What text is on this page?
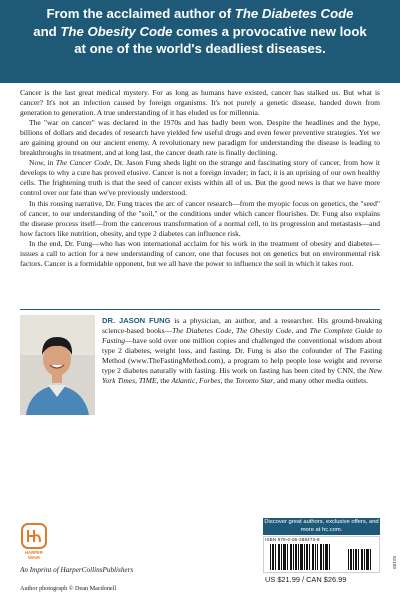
From the acclaimed author of The Diabetes Code
and The Obesity Code comes a provocative new look
at one of the world's deadliest diseases.

Cancer is the last great medical mystery. For as long as humans have existed, cancer has stalked us. But what is cancer? It's not an infection caused by foreign organisms. It's not purely a genetic disease, handed down from generation to generation. A true understanding of it has eluded us for millennia.

The "war on cancer" was declared in the 1970s and has badly been won. Despite the headlines and the hype, billions of dollars and decades of research have yielded few useful drugs and even fewer preventive strategies. Yet we are gaining ground on our ancient enemy. A revolutionary new paradigm for understanding the disease is leading to breakthroughs in treatment, and at long last, the cancer death rate is finally declining.

Now, in The Cancer Code, Dr. Jason Fung sheds light on the strange and fascinating story of cancer, from how it develops to why a cure has proved elusive. Cancer is not a foreign invader; in fact, it is an uprising of our own healthy cells. The frightening truth is that the seed of cancer exists within all of us. But the good news is that we have more control over our fate than we've previously understood.

In this rousing narrative, Dr. Fung traces the arc of cancer research—from the myopic focus on genetics, the "seed" of cancer, to our understanding of the "soil," or the conditions under which cancer flourishes. Dr. Fung also explains the disease process itself—from the cancerous transformation of a normal cell, to its progression and metastasis—and how factors like nutrition, obesity, and type 2 diabetes can influence risk.

In the end, Dr. Fung—who has won international acclaim for his work in the treatment of obesity and diabetes—issues a call to action for a new understanding of cancer, one that focuses not on genetics but on environmental risk factors. Cancer is a formidable opponent, but we all have the power to influence the soil in which it takes root.

DR. JASON FUNG is a physician, an author, and a researcher. His ground-breaking science-based books—The Diabetes Code, The Obesity Code, and The Complete Guide to Fasting—have sold over one million copies and challenged the conventional wisdom about type 2 diabetes, weight loss, and fasting. Dr. Fung is also the cofounder of The Fasting Method (www.TheFastingMethod.com), a program to help people lose weight and reverse type 2 diabetes naturally with fasting. His work on fasting has been cited by CNN, the New York Times, TIME, the Atlantic, Forbes, the Toronto Star, and many other media outlets.
HARPER
WAVE
An Imprint of HarperCollinsPublishers
Author photograph © Dean Macdonell
Discover great authors, exclusive offers, and more at hc.com.
ISBN 978-0-06-289473-8
US $21.99 / CAN $26.99
52199
